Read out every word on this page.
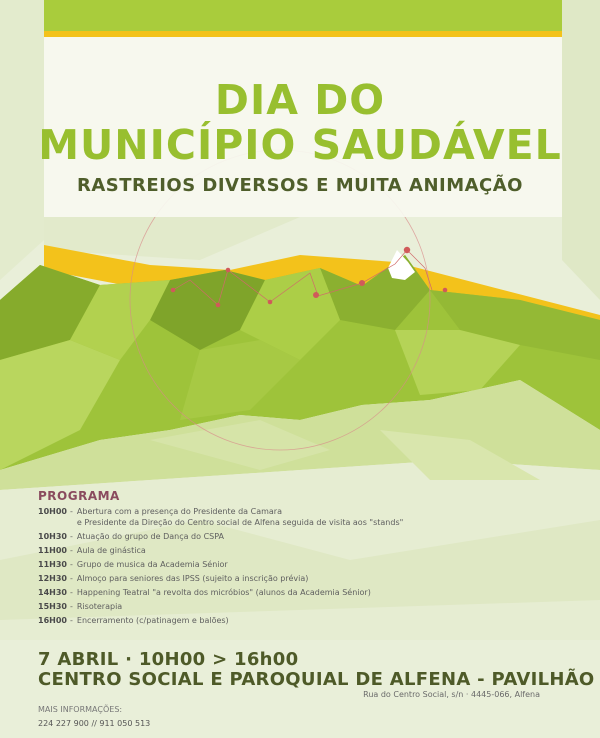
DIA DO
MUNICÍPIO SAUDÁVEL
RASTREIOS DIVERSOS E MUITA ANIMAÇÃO
PROGRAMA
10H00 - Abertura com a presença do Presidente da Camara
e Presidente da Direção do Centro social de Alfena seguida de visita aos "stands"
10H30 - Atuação do grupo de Dança do CSPA
11H00 - Aula de ginástica
11H30 - Grupo de musica da Academia Sénior
12H30 - Almoço para seniores das IPSS (sujeito a inscrição prévia)
14H30 - Happening Teatral "a revolta dos micróbios" (alunos da Academia Sénior)
15H30 - Risoterapia
16H00 - Encerramento (c/patinagem e balões)
7 ABRIL · 10H00 > 16h00
CENTRO SOCIAL E PAROQUIAL DE ALFENA - PAVILHÃO
Rua do Centro Social, s/n · 4445-066, Alfena
MAIS INFORMAÇÕES:
224 227 900 // 911 050 513
